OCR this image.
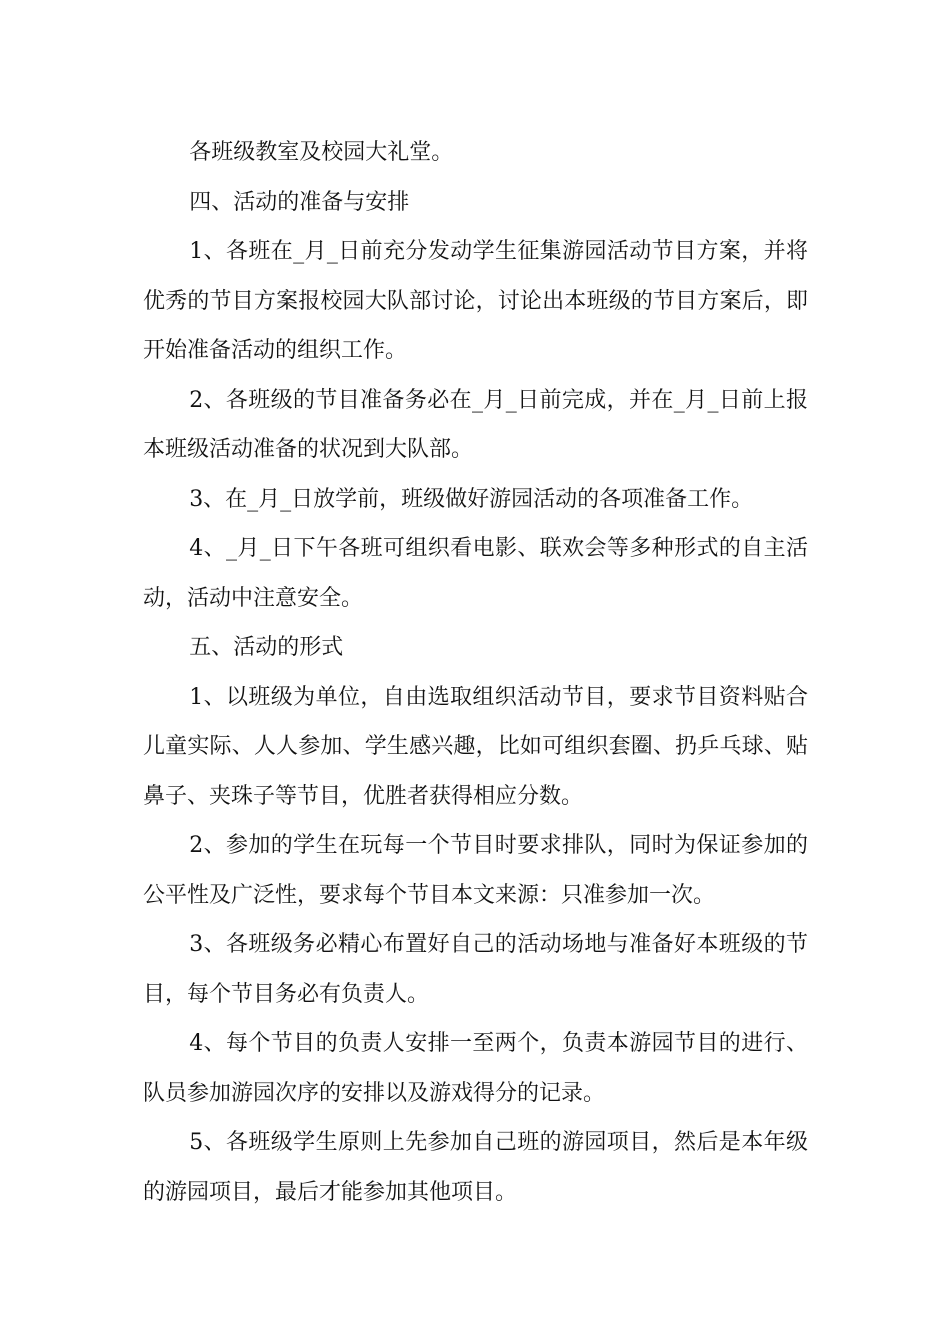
各班级教室及校园大礼堂。

四、活动的准备与安排

1、各班在_月_日前充分发动学生征集游园活动节目方案，并将优秀的节目方案报校园大队部讨论，讨论出本班级的节目方案后，即开始准备活动的组织工作。

2、各班级的节目准备务必在_月_日前完成，并在_月_日前上报本班级活动准备的状况到大队部。

3、在_月_日放学前，班级做好游园活动的各项准备工作。

4、_月_日下午各班可组织看电影、联欢会等多种形式的自主活动，活动中注意安全。

五、活动的形式

1、以班级为单位，自由选取组织活动节目，要求节目资料贴合儿童实际、人人参加、学生感兴趣，比如可组织套圈、扔乒乓球、贴鼻子、夹珠子等节目，优胜者获得相应分数。

2、参加的学生在玩每一个节目时要求排队，同时为保证参加的公平性及广泛性，要求每个节目本文来源：只准参加一次。

3、各班级务必精心布置好自己的活动场地与准备好本班级的节目，每个节目务必有负责人。

4、每个节目的负责人安排一至两个，负责本游园节目的进行、队员参加游园次序的安排以及游戏得分的记录。

5、各班级学生原则上先参加自己班的游园项目，然后是本年级的游园项目，最后才能参加其他项目。
